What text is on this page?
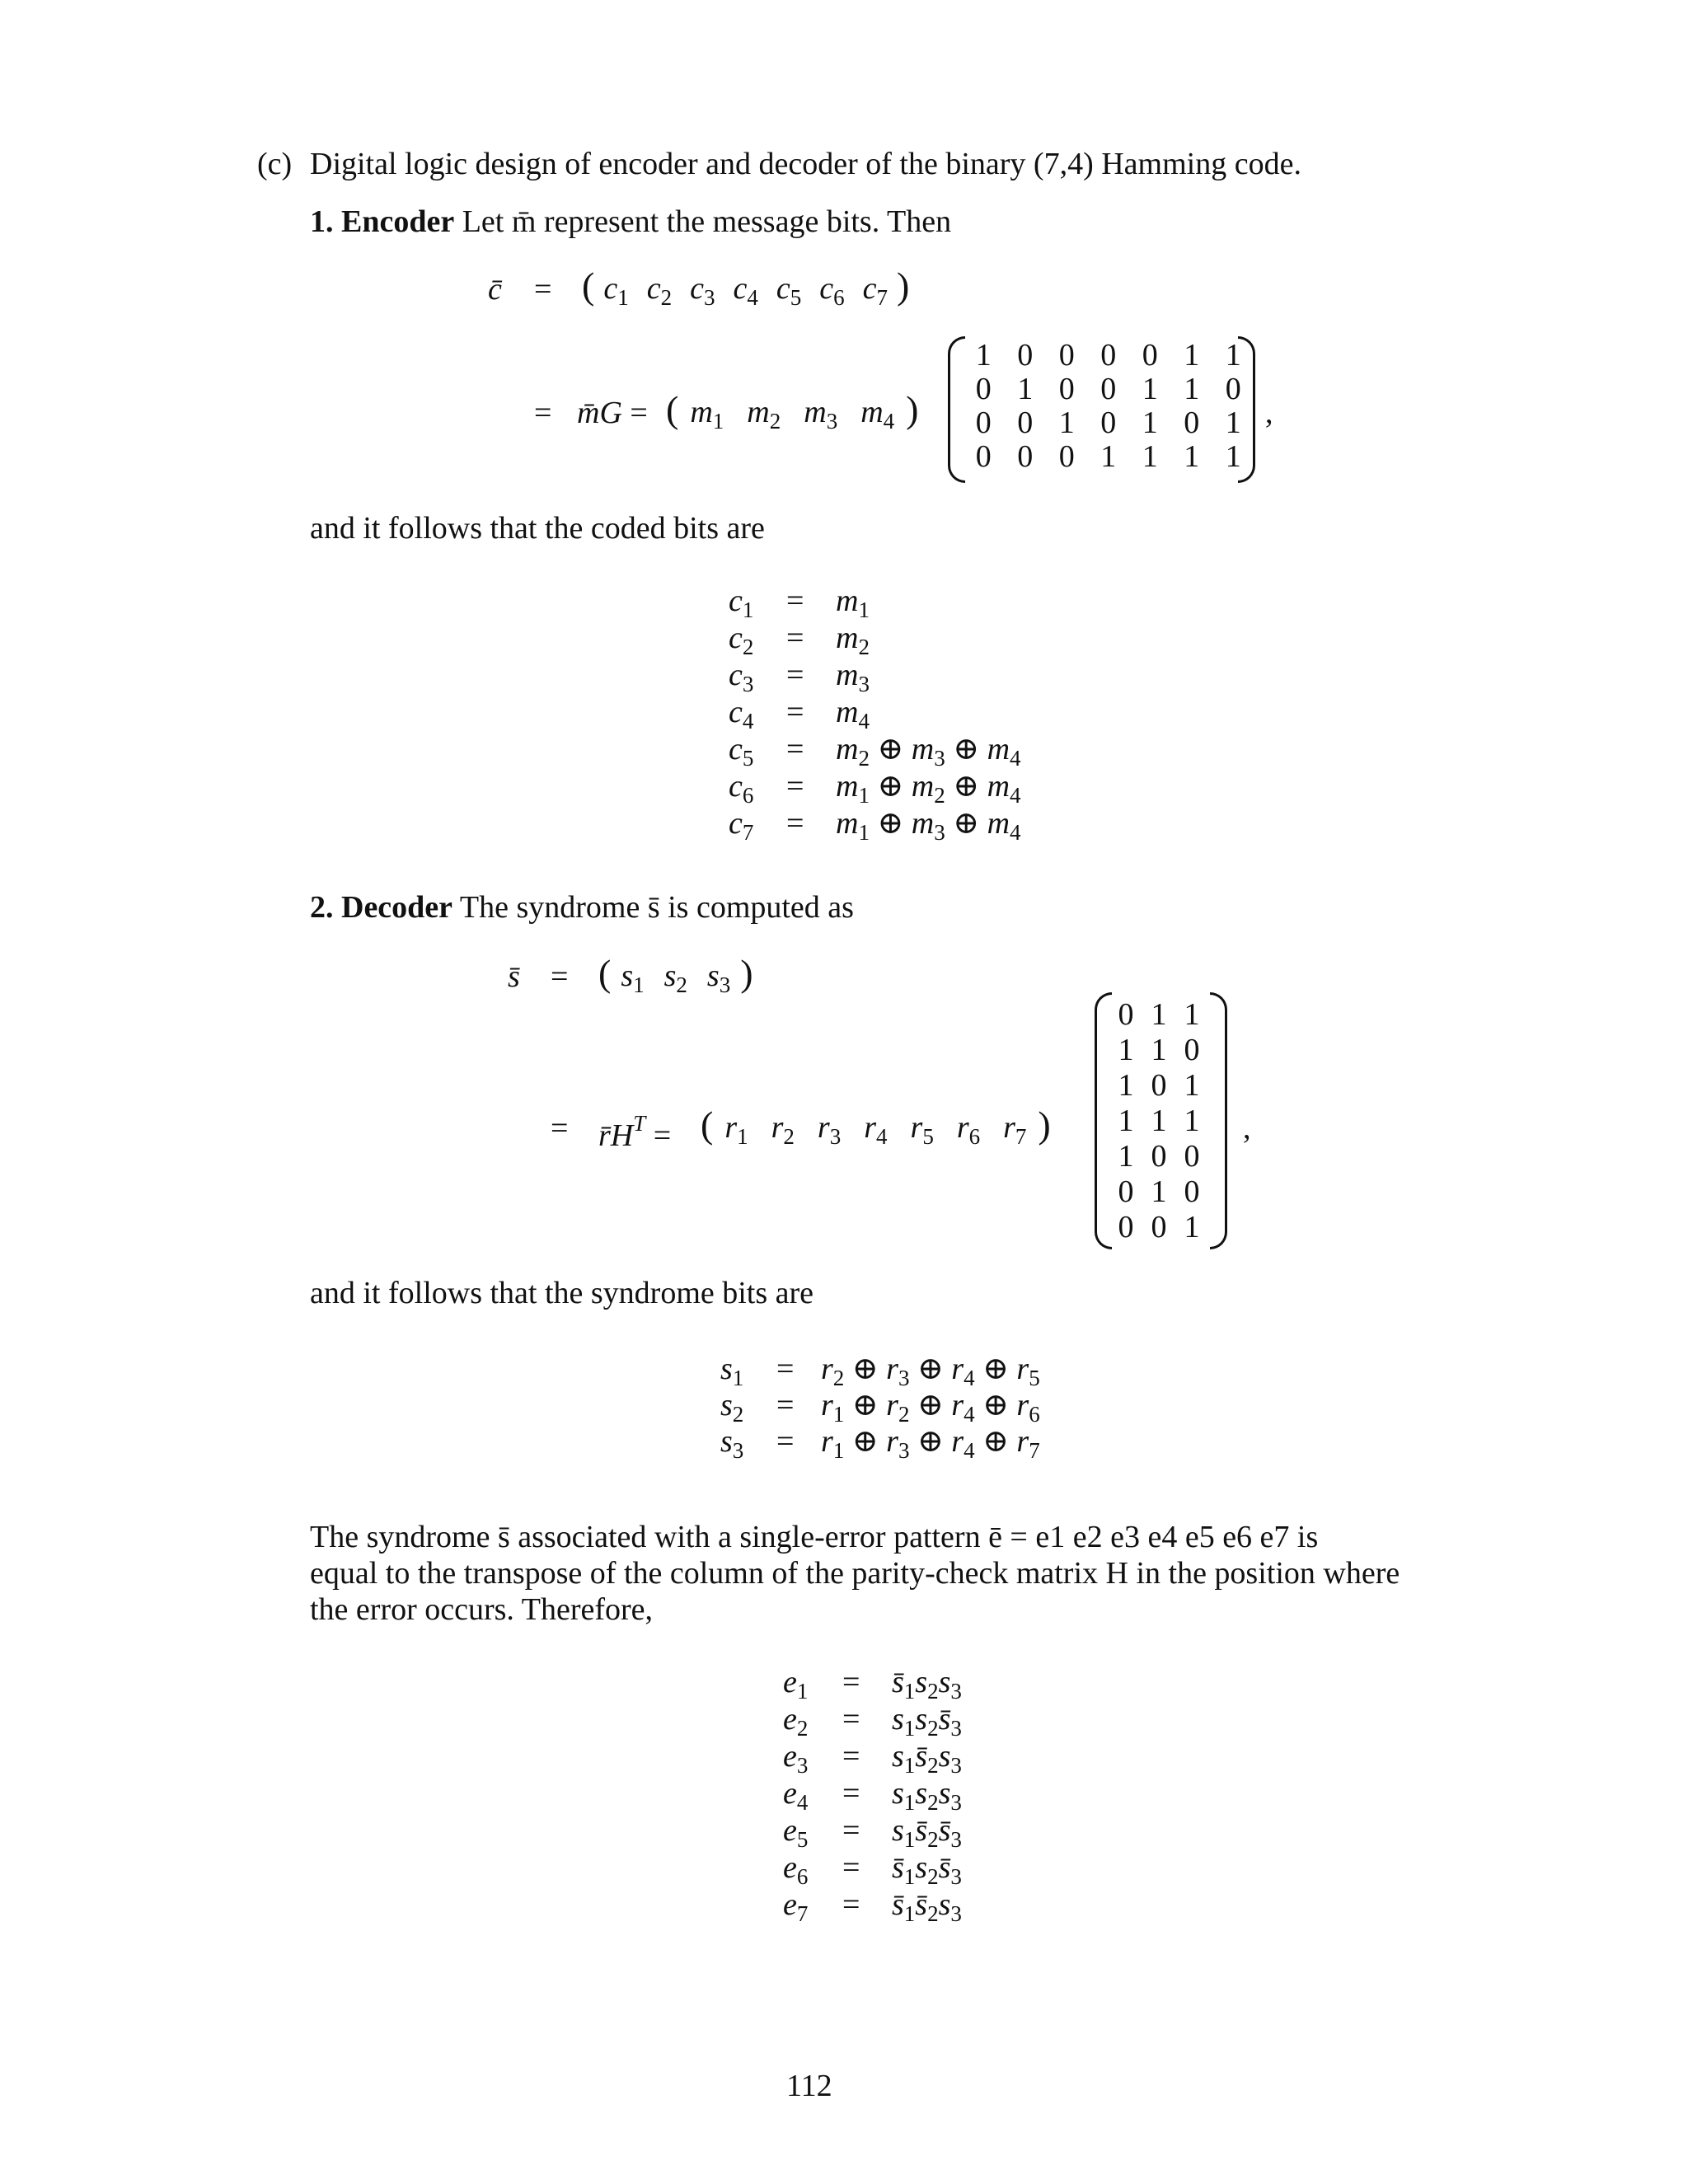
(c) Digital logic design of encoder and decoder of the binary (7,4) Hamming code.
1. Encoder Let m̄ represent the message bits. Then
c̄ = ( $c_1$ $c_2$ $c_3$ $c_4$ $c_5$ $c_6$ $c_7$ )
= m̄G = ( $m_1$ $m_2$ $m_3$ $m_4$ )
1 0 0 0 0 1 1
0 1 0 0 1 1 0
0 0 1 0 1 0 1
0 0 0 1 1 1 1
,
and it follows that the coded bits are
$c_1 = m_1$
$c_2 = m_2$
$c_3 = m_3$
$c_4 = m_4$
$c_5 = m_2$ ⊕ $m_3$ ⊕ $m_4$
$c_6 = m_1$ ⊕ $m_2$ ⊕ $m_4$
$c_7 = m_1$ ⊕ $m_3$ ⊕ $m_4$
2. Decoder The syndrome s̄ is computed as
s̄ = ( $s_1$ $s_2$ $s_3$ )
= $r̄H^T$ = ( $r_1$ $r_2$ $r_3$ $r_4$ $r_5$ $r_6$ $r_7$ )
0 1 1
1 1 0
1 0 1
1 1 1
1 0 0
0 1 0
0 0 1
,
and it follows that the syndrome bits are
$s_1 = r_2$ ⊕ $r_3$ ⊕ $r_4$ ⊕ $r_5$
$s_2 = r_1$ ⊕ $r_2$ ⊕ $r_4$ ⊕ $r_6$
$s_3 = r_1$ ⊕ $r_3$ ⊕ $r_4$ ⊕ $r_7$
The syndrome s̄ associated with a single-error pattern ē = e1 e2 e3 e4 e5 e6 e7 is
equal to the transpose of the column of the parity-check matrix H in the position where
the error occurs. Therefore,
$e_1$ = $s̄_1s_2s_3$
$e_2$ = $s_1s_2s̄_3$
$e_3$ = $s_1s̄_2s_3$
$e_4 = s_1s_2s_3$
$e_5$ = $s_1s̄_2s̄_3$
$e_6$ = $s̄_1s_2s̄_3$
$e_7$ = $s̄_1s̄_2s_3$
112
